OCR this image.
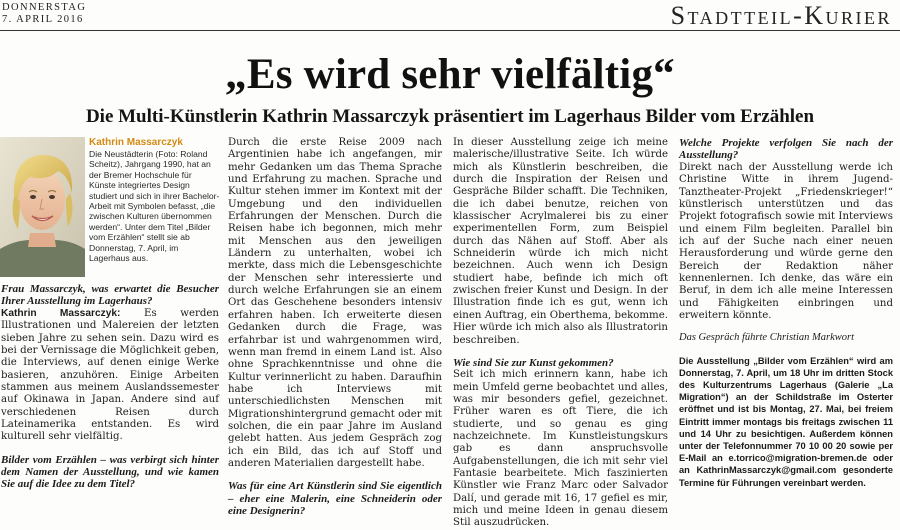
DONNERSTAG
7. APRIL 2016	Stadtteil-Kurier
„Es wird sehr vielfältig“
Die Multi-Künstlerin Kathrin Massarczyk präsentiert im Lagerhaus Bilder vom Erzählen
Kathrin Massarczyk
Die Neustädterin (Foto: Roland Scheitz), Jahrgang 1990, hat an der Bremer Hochschule für Künste integriertes Design studiert und sich in ihrer Bachelor-Arbeit mit Symbolen befasst, „die zwischen Kulturen übernommen werden“. Unter dem Titel „Bilder vom Erzählen“ stellt sie ab Donnerstag, 7. April, im Lagerhaus aus.

Frau Massarczyk, was erwartet die Besucher Ihrer Ausstellung im Lagerhaus?

Kathrin Massarczyk: Es werden Illustrationen und Malereien der letzten sieben Jahre zu sehen sein. Dazu wird es bei der Vernissage die Möglichkeit geben, die Interviews, auf denen einige Werke basieren, anzuhören. Einige Arbeiten stammen aus meinem Auslandssemester auf Okinawa in Japan. Andere sind auf verschiedenen Reisen durch Lateinamerika entstanden. Es wird kulturell sehr vielfältig.

Bilder vom Erzählen – was verbirgt sich hinter dem Namen der Ausstellung, und wie kamen Sie auf die Idee zu dem Titel?

Durch die erste Reise 2009 nach Argentinien habe ich angefangen, mir mehr Gedanken um das Thema Sprache und Erfahrung zu machen. Sprache und Kultur stehen immer im Kontext mit der Umgebung und den individuellen Erfahrungen der Menschen. Durch die Reisen habe ich begonnen, mich mehr mit Menschen aus den jeweiligen Ländern zu unterhalten, wobei ich merkte, dass mich die Lebensgeschichte der Menschen sehr interessierte und durch welche Erfahrungen sie an einem Ort das Geschehene besonders intensiv erfahren haben. Ich erweiterte diesen Gedanken durch die Frage, was erfahrbar ist und wahrgenommen wird, wenn man fremd in einem Land ist. Also ohne Sprachkenntnisse und ohne die Kultur verinnerlicht zu haben. Daraufhin habe ich Interviews mit unterschiedlichsten Menschen mit Migrationshintergrund gemacht oder mit solchen, die ein paar Jahre im Ausland gelebt hatten. Aus jedem Gespräch zog ich ein Bild, das ich auf Stoff und anderen Materialien dargestellt habe.

Was für eine Art Künstlerin sind Sie eigentlich – eher eine Malerin, eine Schneiderin oder eine Designerin?

In dieser Ausstellung zeige ich meine malerische/illustrative Seite. Ich würde mich als Künstlerin beschreiben, die durch die Inspiration der Reisen und Gespräche Bilder schafft. Die Techniken, die ich dabei benutze, reichen von klassischer Acrylmalerei bis zu einer experimentellen Form, zum Beispiel durch das Nähen auf Stoff. Aber als Schneiderin würde ich mich nicht bezeichnen. Auch wenn ich Design studiert habe, befinde ich mich oft zwischen freier Kunst und Design. In der Illustration finde ich es gut, wenn ich einen Auftrag, ein Oberthema, bekomme. Hier würde ich mich also als Illustratorin beschreiben.

Wie sind Sie zur Kunst gekommen?

Seit ich mich erinnern kann, habe ich mein Umfeld gerne beobachtet und alles, was mir besonders gefiel, gezeichnet. Früher waren es oft Tiere, die ich studierte, und so genau es ging nachzeichnete. Im Kunstleistungskurs gab es dann anspruchsvolle Aufgabenstellungen, die ich mit sehr viel Fantasie bearbeitete. Mich faszinierten Künstler wie Franz Marc oder Salvador Dalí, und gerade mit 16, 17 gefiel es mir, mich und meine Ideen in genau diesem Stil auszudrücken.

Welche Projekte verfolgen Sie nach der Ausstellung?

Direkt nach der Ausstellung werde ich Christine Witte in ihrem Jugend-Tanztheater-Projekt „Friedenskrieger!“ künstlerisch unterstützen und das Projekt fotografisch sowie mit Interviews und einem Film begleiten. Parallel bin ich auf der Suche nach einer neuen Herausforderung und würde gerne den Bereich der Redaktion näher kennenlernen. Ich denke, das wäre ein Beruf, in dem ich alle meine Interessen und Fähigkeiten einbringen und erweitern könnte.

Das Gespräch führte Christian Markwort

Die Ausstellung „Bilder vom Erzählen“ wird am Donnerstag, 7. April, um 18 Uhr im dritten Stock des Kulturzentrums Lagerhaus (Galerie „La Migration“) an der Schildstraße im Osterter eröffnet und ist bis Montag, 27. Mai, bei freiem Eintritt immer montags bis freitags zwischen 11 und 14 Uhr zu besichtigen. Außerdem können unter der Telefonnummer 70 10 00 20 sowie per E-Mail an e.torrico@migration-bremen.de oder an KathrinMassarczyk@gmail.com gesonderte Termine für Führungen vereinbart werden.
